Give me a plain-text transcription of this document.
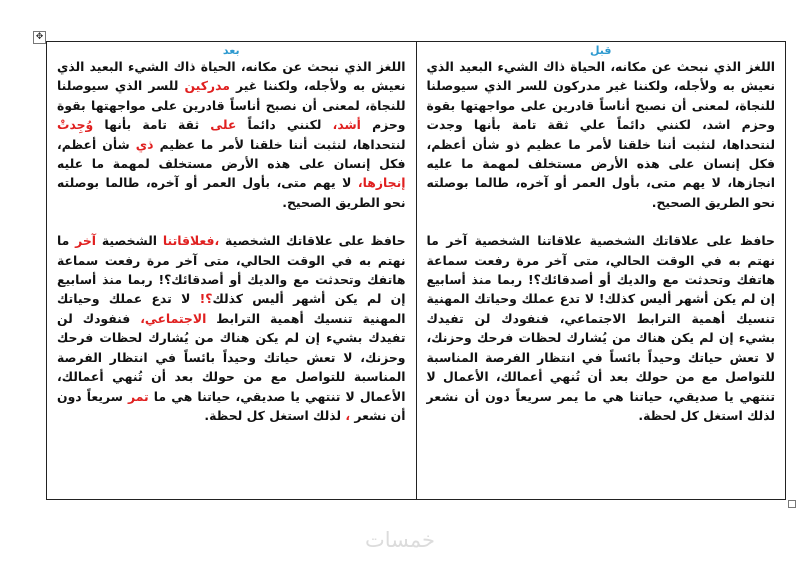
✥
بعد

اللغز الذي نبحث عن مكانه، الحياة ذاك الشيء البعيد الذي نعيش به ولأجله، ولكننا غير مدركين للسر الذي سيوصلنا للنجاة، لمعنى أن نصبح أناساً قادرين على مواجهتها بقوة وحزم أشد، لكنني دائماً على ثقة تامة بأنها وُجِدتْ لنتحداها، لنثبت أننا خلقنا لأمر ما عظيم ذي شأن أعظم، فكل إنسان على هذه الأرض مستخلف لمهمة ما عليه إنجازها، لا يهم متى، بأول العمر أو آخره، طالما بوصلته نحو الطريق الصحيح.

حافظ على علاقاتك الشخصية ،فعلاقاتنا الشخصية آخر ما نهتم به في الوقت الحالي، متى آخر مرة رفعت سماعة هاتفك وتحدثت مع والديك أو أصدقائك؟! ربما منذ أسابيع إن لم يكن أشهر أليس كذلك؟! لا تدع عملك وحياتك المهنية تنسيك أهمية الترابط الاجتماعي، فنفودك لن تفيدك بشيء إن لم يكن هناك من يُشارك لحظات فرحك وحزنك، لا تعش حياتك وحيداً بائساً في انتظار الفرصة المناسبة للتواصل مع من حولك بعد أن تُنهي أعمالك، الأعمال لا تنتهي يا صديقي، حياتنا هي ما تمر سريعاً دون أن نشعر ، لذلك استغل كل لحظة.

قبل

اللغز الذي نبحث عن مكانه، الحياة ذاك الشيء البعيد الذي نعيش به ولأجله، ولكننا غير مدركون للسر الذي سيوصلنا للنجاة، لمعنى أن نصبح أناساً قادرين على مواجهتها بقوة وحزم اشد، لكنني دائماً علي ثقة تامة بأنها وجدت لنتحداها، لنثبت أننا خلقنا لأمر ما عظيم ذو شأن أعظم، فكل إنسان على هذه الأرض مستخلف لمهمة ما عليه انجازها، لا يهم متى، بأول العمر أو آخره، طالما بوصلته نحو الطريق الصحيح.

حافظ على علاقاتك الشخصية علاقاتنا الشخصية آخر ما نهتم به في الوقت الحالي، متى آخر مرة رفعت سماعة هاتفك وتحدثت مع والديك أو أصدقائك؟! ربما منذ أسابيع إن لم يكن أشهر أليس كذلك! لا تدع عملك وحياتك المهنية تنسيك أهمية الترابط الاجتماعي، فنفودك لن تفيدك بشيء إن لم يكن هناك من يُشارك لحظات فرحك وحزنك، لا تعش حياتك وحيداً بائساً في انتظار الفرصة المناسبة للتواصل مع من حولك بعد أن تُنهي أعمالك، الأعمال لا تنتهي يا صديقي، حياتنا هي ما يمر سريعاً دون أن نشعر لذلك استغل كل لحظة.

خمسات
